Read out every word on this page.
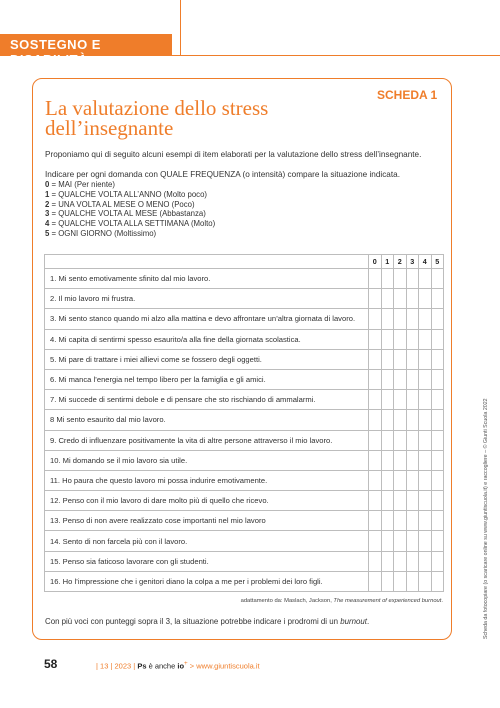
SOSTEGNO E DISABILITÀ
SCHEDA 1
La valutazione dello stress
dell’insegnante
Proponiamo qui di seguito alcuni esempi di item elaborati per la valutazione dello stress dell’insegnante.
Indicare per ogni domanda con QUALE FREQUENZA (o intensità) compare la situazione indicata.
0 = MAI (Per niente)
1 = QUALCHE VOLTA ALL’ANNO (Molto poco)
2 = UNA VOLTA AL MESE O MENO (Poco)
3 = QUALCHE VOLTA AL MESE (Abbastanza)
4 = QUALCHE VOLTA ALLA SETTIMANA (Molto)
5 = OGNI GIORNO (Moltissimo)
	0	1	2	3	4	5
1. Mi sento emotivamente sfinito dal mio lavoro.						
2. Il mio lavoro mi frustra.						
3. Mi sento stanco quando mi alzo alla mattina e devo affrontare un’altra giornata di lavoro.						
4. Mi capita di sentirmi spesso esaurito/a alla fine della giornata scolastica.						
5. Mi pare di trattare i miei allievi come se fossero degli oggetti.						
6. Mi manca l’energia nel tempo libero per la famiglia e gli amici.						
7. Mi succede di sentirmi debole e di pensare che sto rischiando di ammalarmi.						
8 Mi sento esaurito dal mio lavoro.						
9. Credo di influenzare positivamente la vita di altre persone attraverso il mio lavoro.						
10. Mi domando se il mio lavoro sia utile.						
11. Ho paura che questo lavoro mi possa indurire emotivamente.						
12. Penso con il mio lavoro di dare molto più di quello che ricevo.						
13. Penso di non avere realizzato cose importanti nel mio lavoro						
14. Sento di non farcela più con il lavoro.						
15. Penso sia faticoso lavorare con gli studenti.						
16. Ho l’impressione che i genitori diano la colpa a me per i problemi dei loro figli.						
adattamento da: Maslach, Jackson, The measurement of experienced burnout.
Con più voci con punteggi sopra il 3, la situazione potrebbe indicare i prodromi di un burnout.	Scheda da fotocopiare (o scaricare online su www.giuntiscuola.it) e raccogliere – © Giunti Scuola 2022
58	| 13 | 2023 | Ps è anche io+ > www.giuntiscuola.it
